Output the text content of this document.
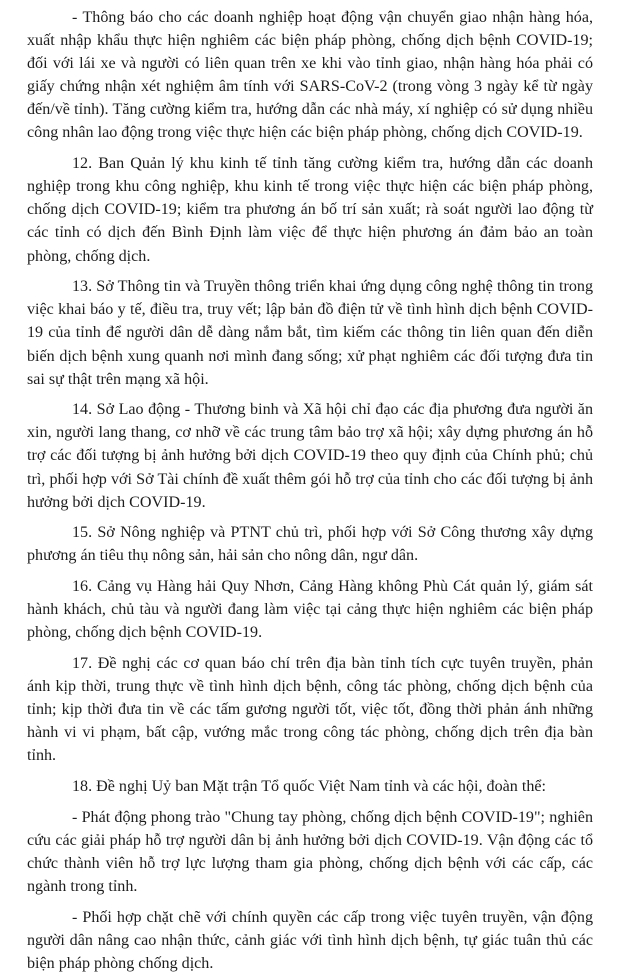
- Thông báo cho các doanh nghiệp hoạt động vận chuyển giao nhận hàng hóa, xuất nhập khẩu thực hiện nghiêm các biện pháp phòng, chống dịch bệnh COVID-19; đối với lái xe và người có liên quan trên xe khi vào tỉnh giao, nhận hàng hóa phải có giấy chứng nhận xét nghiệm âm tính với SARS-CoV-2 (trong vòng 3 ngày kể từ ngày đến/về tỉnh). Tăng cường kiểm tra, hướng dẫn các nhà máy, xí nghiệp có sử dụng nhiều công nhân lao động trong việc thực hiện các biện pháp phòng, chống dịch COVID-19.

12. Ban Quản lý khu kinh tế tỉnh tăng cường kiểm tra, hướng dẫn các doanh nghiệp trong khu công nghiệp, khu kinh tế trong việc thực hiện các biện pháp phòng, chống dịch COVID-19; kiểm tra phương án bố trí sản xuất; rà soát người lao động từ các tỉnh có dịch đến Bình Định làm việc để thực hiện phương án đảm bảo an toàn phòng, chống dịch.

13. Sở Thông tin và Truyền thông triển khai ứng dụng công nghệ thông tin trong việc khai báo y tế, điều tra, truy vết; lập bản đồ điện tử về tình hình dịch bệnh COVID-19 của tỉnh để người dân dễ dàng nắm bắt, tìm kiếm các thông tin liên quan đến diễn biến dịch bệnh xung quanh nơi mình đang sống; xử phạt nghiêm các đối tượng đưa tin sai sự thật trên mạng xã hội.

14. Sở Lao động - Thương binh và Xã hội chỉ đạo các địa phương đưa người ăn xin, người lang thang, cơ nhỡ về các trung tâm bảo trợ xã hội; xây dựng phương án hỗ trợ các đối tượng bị ảnh hưởng bởi dịch COVID-19 theo quy định của Chính phủ; chủ trì, phối hợp với Sở Tài chính đề xuất thêm gói hỗ trợ của tỉnh cho các đối tượng bị ảnh hưởng bởi dịch COVID-19.

15. Sở Nông nghiệp và PTNT chủ trì, phối hợp với Sở Công thương xây dựng phương án tiêu thụ nông sản, hải sản cho nông dân, ngư dân.

16. Cảng vụ Hàng hải Quy Nhơn, Cảng Hàng không Phù Cát quản lý, giám sát hành khách, chủ tàu và người đang làm việc tại cảng thực hiện nghiêm các biện pháp phòng, chống dịch bệnh COVID-19.

17. Đề nghị các cơ quan báo chí trên địa bàn tỉnh tích cực tuyên truyền, phản ánh kịp thời, trung thực về tình hình dịch bệnh, công tác phòng, chống dịch bệnh của tỉnh; kịp thời đưa tin về các tấm gương người tốt, việc tốt, đồng thời phản ánh những hành vi vi phạm, bất cập, vướng mắc trong công tác phòng, chống dịch trên địa bàn tỉnh.

18. Đề nghị Uỷ ban Mặt trận Tổ quốc Việt Nam tỉnh và các hội, đoàn thể:

- Phát động phong trào "Chung tay phòng, chống dịch bệnh COVID-19"; nghiên cứu các giải pháp hỗ trợ người dân bị ảnh hưởng bởi dịch COVID-19. Vận động các tổ chức thành viên hỗ trợ lực lượng tham gia phòng, chống dịch bệnh với các cấp, các ngành trong tỉnh.

- Phối hợp chặt chẽ với chính quyền các cấp trong việc tuyên truyền, vận động người dân nâng cao nhận thức, cảnh giác với tình hình dịch bệnh, tự giác tuân thủ các biện pháp phòng chống dịch.
